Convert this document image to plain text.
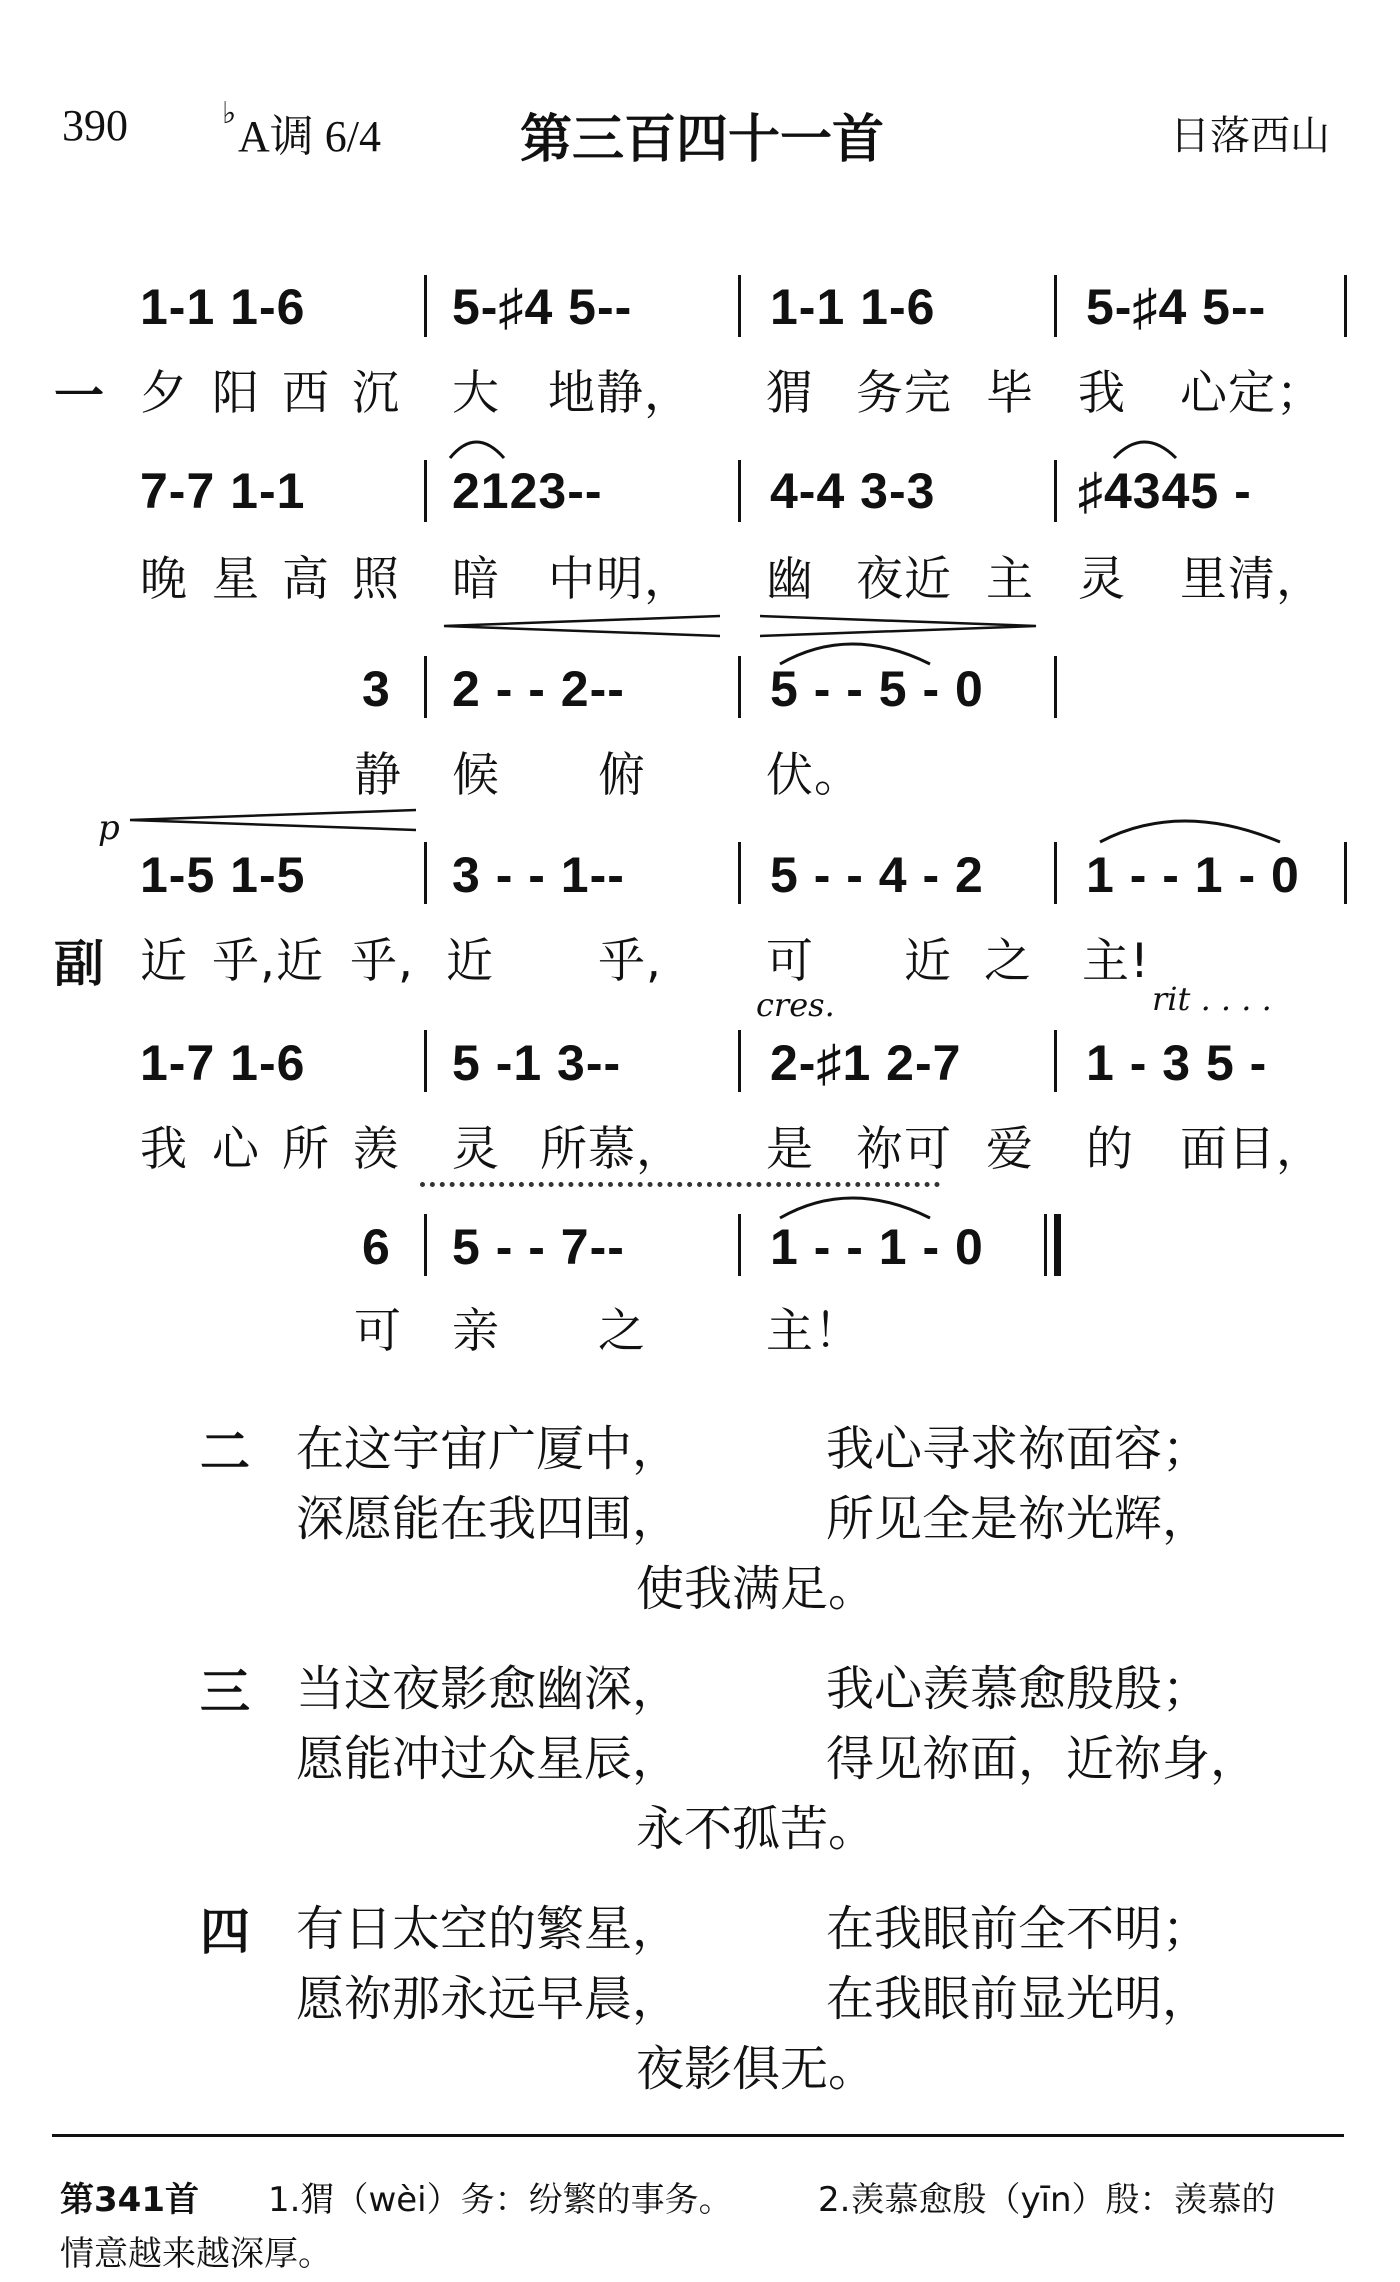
390	♭ A调 6/4	第三百四十一首	日落西山
1-1 1-6	5-♯4 5--	1-1 1-6	5-♯4 5--
一 夕 阳 西 沉 大 地静， 猬 务完 毕 我 心定；
7-7 1-1	2123--	4-4 3-3	♯4345 -
晚 星 高 照 暗 中明， 幽 夜近 主 灵 里清，
3 2 - - 2--	5 - - 5 - 0
静 候 俯	伏。
p
1-5 1-5	3 - - 1--	5 - - 4 - 2 1 - - 1 - 0
副 近 乎,近 乎, 近 乎, 可 近 之 主!
cres.	rit . . . .
1-7 1-6	5 -1 3--	2-♯1 2-7 1 - 3 5 -
我 心 所 羡 灵 所慕， 是 祢可 爱 的 面目，
6 5 - - 7--	1 - - 1 - 0
可 亲 之	主！
二 在这宇宙广厦中，	我心寻求祢面容；
深愿能在我四围，	所见全是祢光辉，
使我满足。
三 当这夜影愈幽深，	我心羡慕愈殷殷；
愿能冲过众星辰，	得见祢面，近祢身，
永不孤苦。
四 有日太空的繁星，	在我眼前全不明；
愿祢那永远早晨，	在我眼前显光明，
夜影俱无。
第341首 1.猬（wèi）务：纷繁的事务。	2.羡慕愈殷（yīn）殷：羡慕的
情意越来越深厚。
